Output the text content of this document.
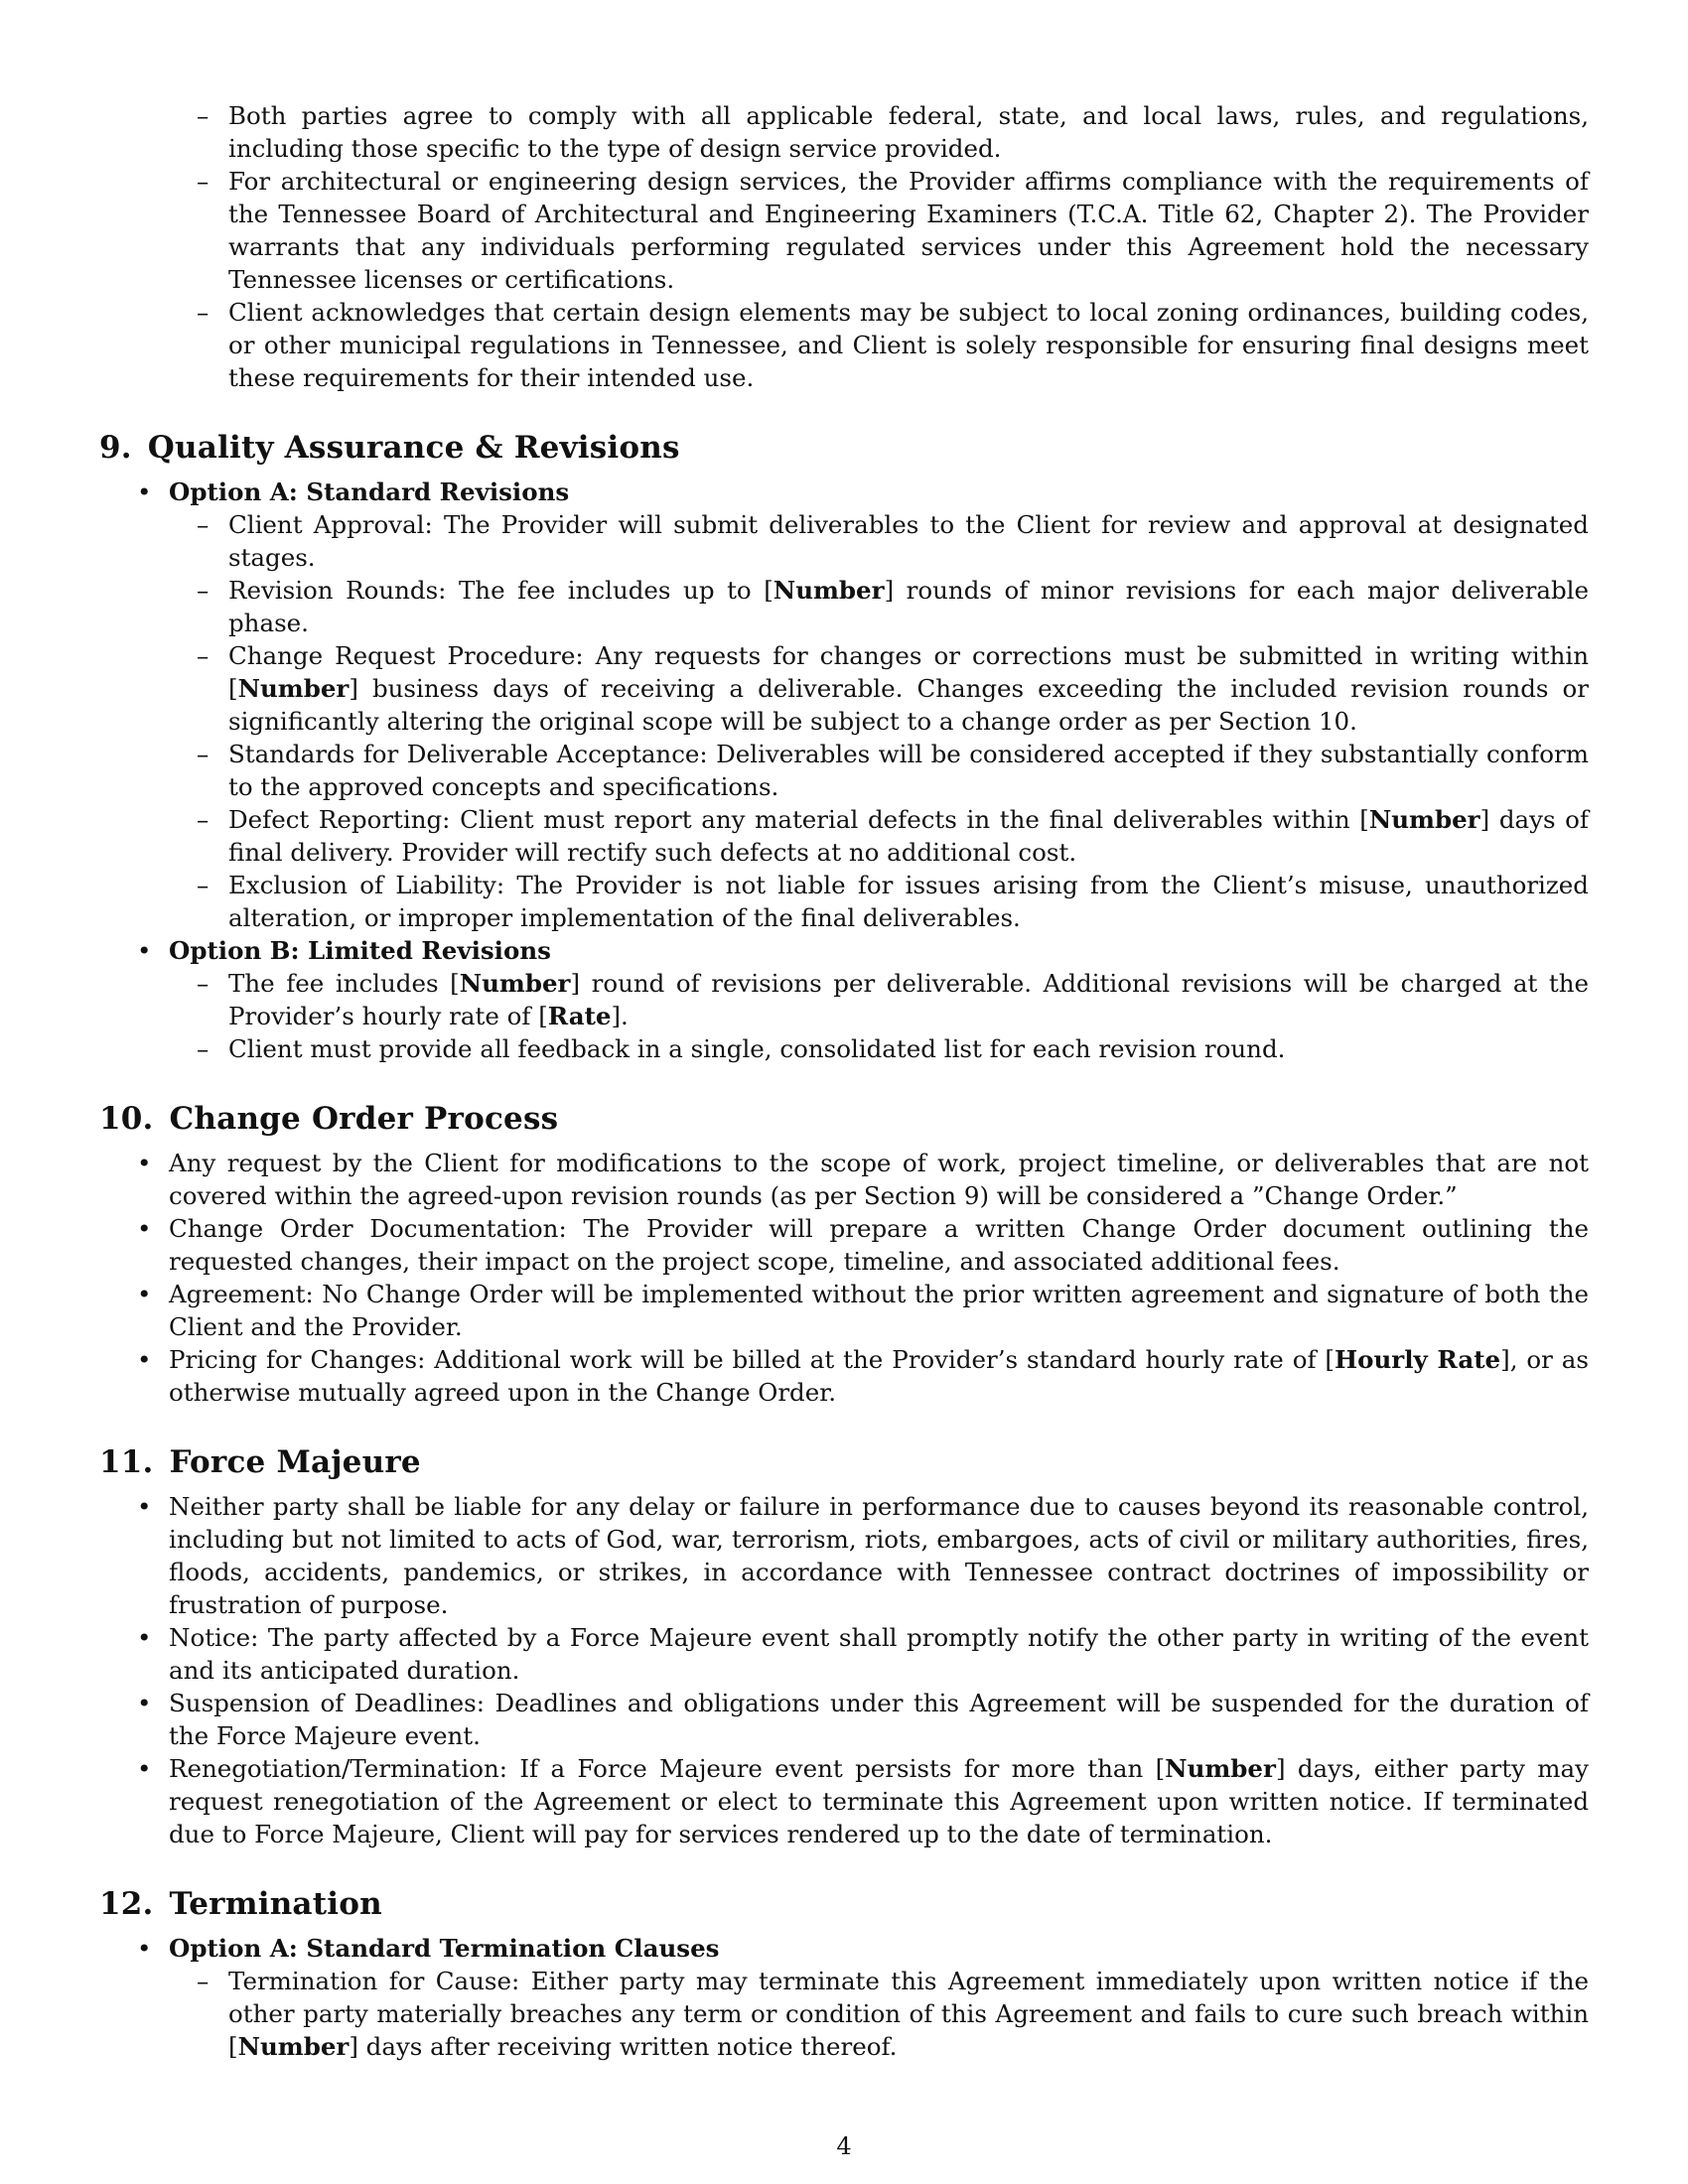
– Both parties agree to comply with all applicable federal, state, and local laws, rules, and regulations, including those specific to the type of design service provided.
– For architectural or engineering design services, the Provider affirms compliance with the requirements of the Tennessee Board of Architectural and Engineering Examiners (T.C.A. Title 62, Chapter 2). The Provider warrants that any individuals performing regulated services under this Agreement hold the necessary Tennessee licenses or certifications.
– Client acknowledges that certain design elements may be subject to local zoning ordinances, building codes, or other municipal regulations in Tennessee, and Client is solely responsible for ensuring final designs meet these requirements for their intended use.
9. Quality Assurance & Revisions
• Option A: Standard Revisions
– Client Approval: The Provider will submit deliverables to the Client for review and approval at designated stages.
– Revision Rounds: The fee includes up to [Number] rounds of minor revisions for each major deliverable phase.
– Change Request Procedure: Any requests for changes or corrections must be submitted in writing within [Number] business days of receiving a deliverable. Changes exceeding the included revision rounds or significantly altering the original scope will be subject to a change order as per Section 10.
– Standards for Deliverable Acceptance: Deliverables will be considered accepted if they substantially conform to the approved concepts and specifications.
– Defect Reporting: Client must report any material defects in the final deliverables within [Number] days of final delivery. Provider will rectify such defects at no additional cost.
– Exclusion of Liability: The Provider is not liable for issues arising from the Client’s misuse, unauthorized alteration, or improper implementation of the final deliverables.
• Option B: Limited Revisions
– The fee includes [Number] round of revisions per deliverable. Additional revisions will be charged at the Provider’s hourly rate of [Rate].
– Client must provide all feedback in a single, consolidated list for each revision round.
10. Change Order Process
• Any request by the Client for modifications to the scope of work, project timeline, or deliverables that are not covered within the agreed-upon revision rounds (as per Section 9) will be considered a ”Change Order.”
• Change Order Documentation: The Provider will prepare a written Change Order document outlining the requested changes, their impact on the project scope, timeline, and associated additional fees.
• Agreement: No Change Order will be implemented without the prior written agreement and signature of both the Client and the Provider.
• Pricing for Changes: Additional work will be billed at the Provider’s standard hourly rate of [Hourly Rate], or as otherwise mutually agreed upon in the Change Order.
11. Force Majeure
• Neither party shall be liable for any delay or failure in performance due to causes beyond its reasonable control, including but not limited to acts of God, war, terrorism, riots, embargoes, acts of civil or military authorities, fires, floods, accidents, pandemics, or strikes, in accordance with Tennessee contract doctrines of impossibility or frustration of purpose.
• Notice: The party affected by a Force Majeure event shall promptly notify the other party in writing of the event and its anticipated duration.
• Suspension of Deadlines: Deadlines and obligations under this Agreement will be suspended for the duration of the Force Majeure event.
• Renegotiation/Termination: If a Force Majeure event persists for more than [Number] days, either party may request renegotiation of the Agreement or elect to terminate this Agreement upon written notice. If terminated due to Force Majeure, Client will pay for services rendered up to the date of termination.
12. Termination
• Option A: Standard Termination Clauses
– Termination for Cause: Either party may terminate this Agreement immediately upon written notice if the other party materially breaches any term or condition of this Agreement and fails to cure such breach within [Number] days after receiving written notice thereof.
4
